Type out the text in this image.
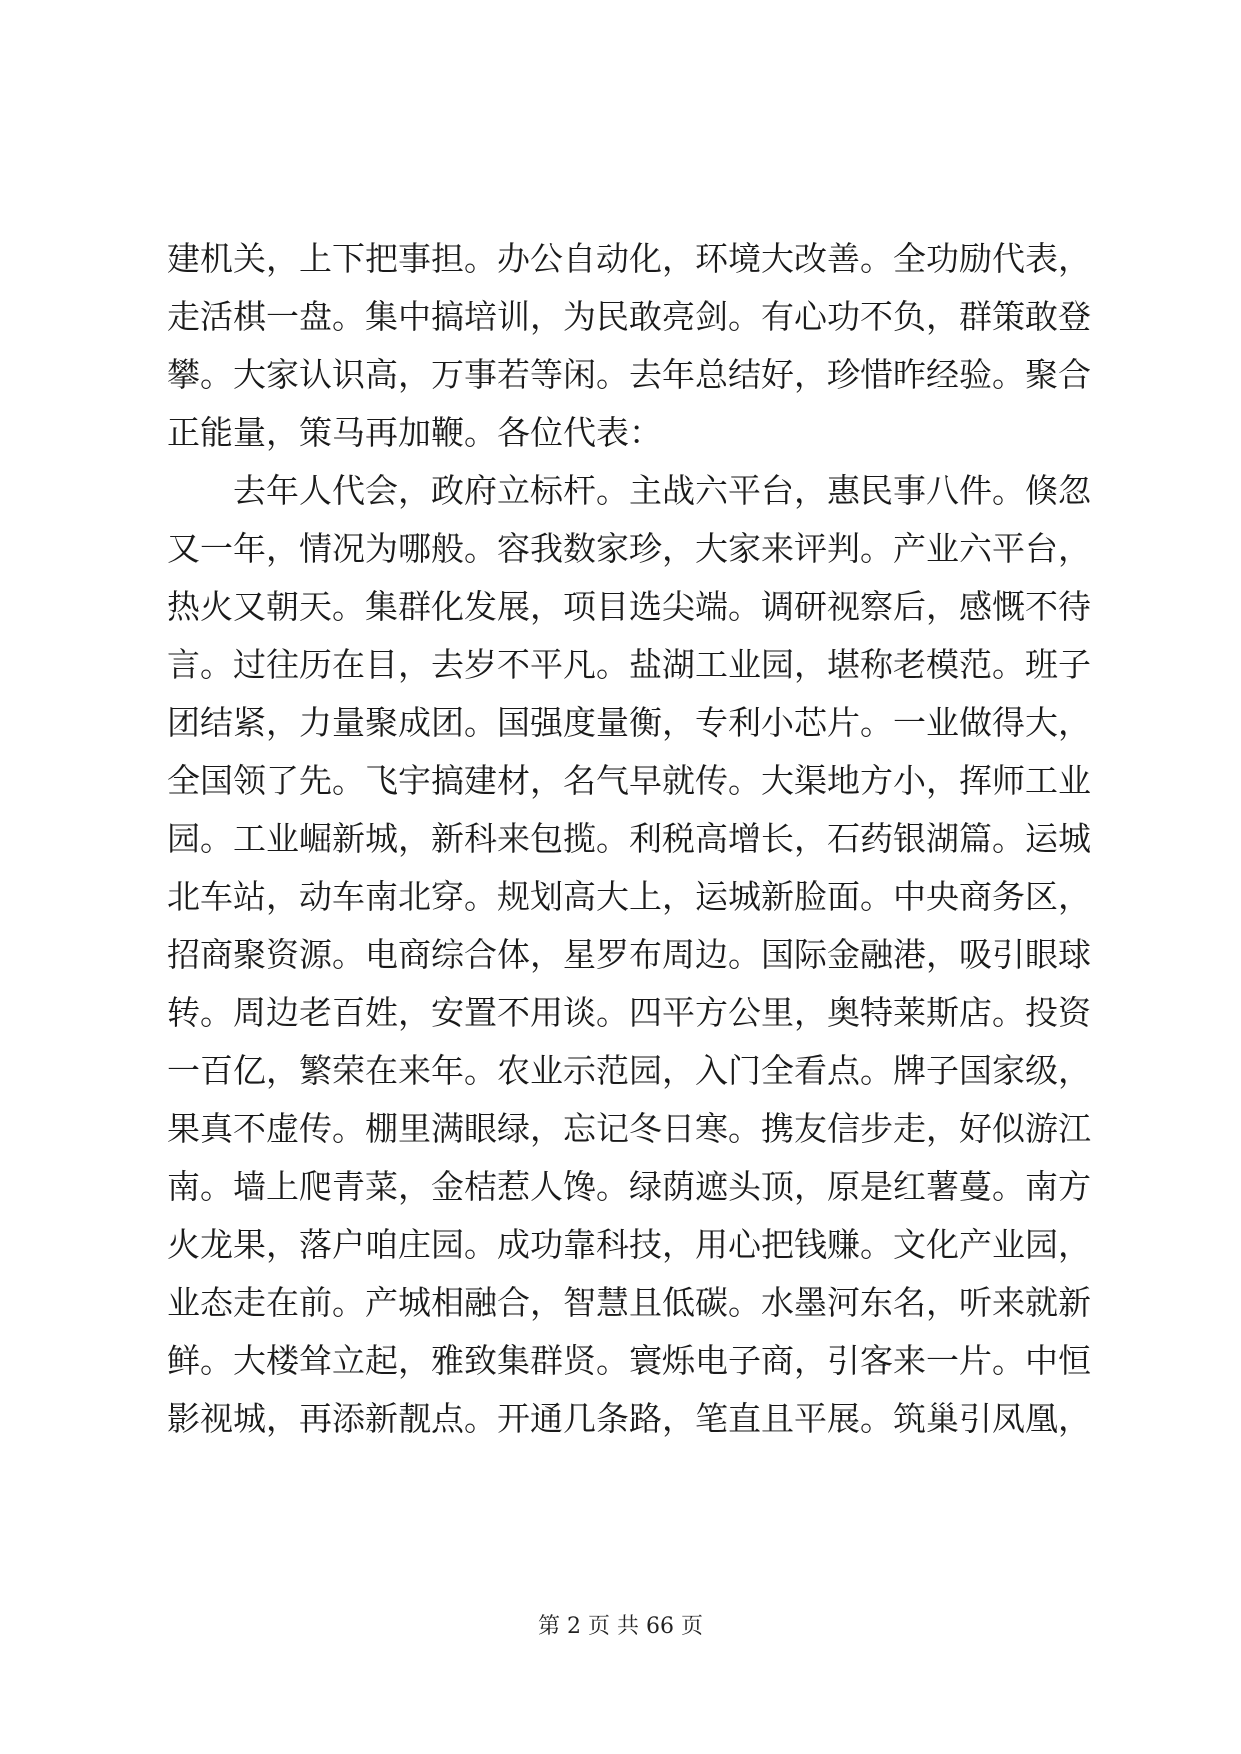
建机关，上下把事担。办公自动化，环境大改善。全功励代表，
走活棋一盘。集中搞培训，为民敢亮剑。有心功不负，群策敢登
攀。大家认识高，万事若等闲。去年总结好，珍惜昨经验。聚合
正能量，策马再加鞭。各位代表：
去年人代会，政府立标杆。主战六平台，惠民事八件。倏忽
又一年，情况为哪般。容我数家珍，大家来评判。产业六平台，
热火又朝天。集群化发展，项目选尖端。调研视察后，感慨不待
言。过往历在目，去岁不平凡。盐湖工业园，堪称老模范。班子
团结紧，力量聚成团。国强度量衡，专利小芯片。一业做得大，
全国领了先。飞宇搞建材，名气早就传。大渠地方小，挥师工业
园。工业崛新城，新科来包揽。利税高增长，石药银湖篇。运城
北车站，动车南北穿。规划高大上，运城新脸面。中央商务区，
招商聚资源。电商综合体，星罗布周边。国际金融港，吸引眼球
转。周边老百姓，安置不用谈。四平方公里，奥特莱斯店。投资
一百亿，繁荣在来年。农业示范园，入门全看点。牌子国家级，
果真不虚传。棚里满眼绿，忘记冬日寒。携友信步走，好似游江
南。墙上爬青菜，金桔惹人馋。绿荫遮头顶，原是红薯蔓。南方
火龙果，落户咱庄园。成功靠科技，用心把钱赚。文化产业园，
业态走在前。产城相融合，智慧且低碳。水墨河东名，听来就新
鲜。大楼耸立起，雅致集群贤。寰烁电子商，引客来一片。中恒
影视城，再添新靓点。开通几条路，笔直且平展。筑巢引凤凰，
第 2 页 共 66 页
